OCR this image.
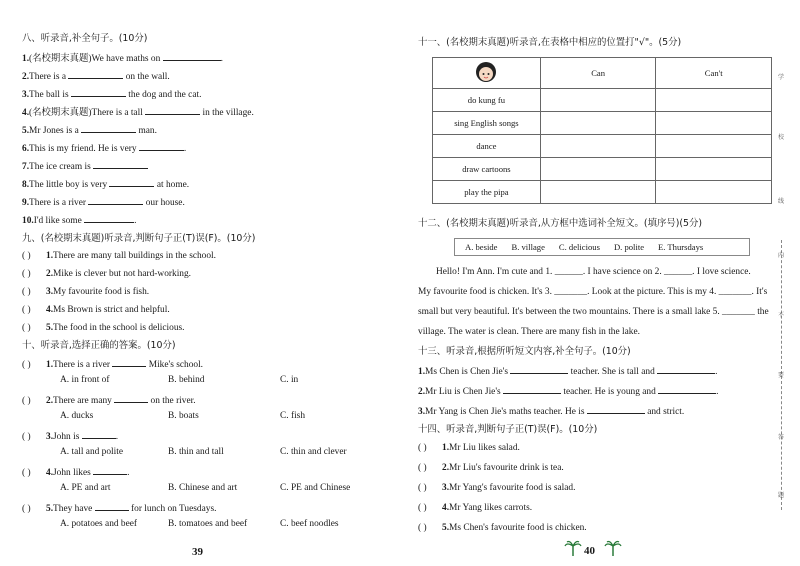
八、听录音,补全句子。(10分)
1.(名校期末真题)We have maths on	.
2.There is a	on the wall.
3.The ball is	the dog and the cat.
4.(名校期末真题)There is a tall	in the village.
5.Mr Jones is a	man.
6.This is my friend. He is very	.
7.The ice cream is
8.The little boy is very	at home.
9.There is a river	our house.
10.I'd like some	.
九、(名校期末真题)听录音,判断句子正(T)误(F)。(10分)
( ) 1.There are many tall buildings in the school.
( ) 2.Mike is clever but not hard-working.
( ) 3.My favourite food is fish.
( ) 4.Ms Brown is strict and helpful.
( ) 5.The food in the school is delicious.
十、听录音,选择正确的答案。(10分)
( ) 1.There is a river	Mike's school.
A. in front of	B. behind	C. in
( ) 2.There are many	on the river.
A. ducks	B. boats	C. fish
( ) 3.John is	.
A. tall and polite	B. thin and tall	C. thin and clever
( ) 4.John likes	.
A. PE and art	B. Chinese and art	C. PE and Chinese
( ) 5.They have	for lunch on Tuesdays.
A. potatoes and beef	B. tomatoes and beef	C. beef noodles
39
十一、(名校期末真题)听录音,在表格中相应的位置打"√"。(5分)
	Can	Can't
do kung fu		
sing English songs		
dance		
draw cartoons		
play the pipa		
十二、(名校期末真题)听录音,从方框中选词补全短文。(填序号)(5分)
A. beside B. village C. delicious D. polite E. Thursdays
Hello! I'm Ann. I'm cute and 1. ______. I have science on 2. ______. I love science.
My favourite food is chicken. It's 3. _______. Look at the picture. This is my 4. _______. It's
small but very beautiful. It's between the two mountains. There is a small lake 5. _______ the
village. The water is clean. There are many fish in the lake.
十三、听录音,根据所听短文内容,补全句子。(10分)
1.Ms Chen is Chen Jie's	teacher. She is tall and	.
2.Mr Liu is Chen Jie's	teacher. He is young and	.
3.Mr Yang is Chen Jie's maths teacher. He is	and strict.
十四、听录音,判断句子正(T)误(F)。(10分)
( ) 1.Mr Liu likes salad.
( ) 2.Mr Liu's favourite drink is tea.
( ) 3.Mr Yang's favourite food is salad.
( ) 4.Mr Yang likes carrots.
( ) 5.Ms Chen's favourite food is chicken.
40
学
校
线
内
不
要
答
题
